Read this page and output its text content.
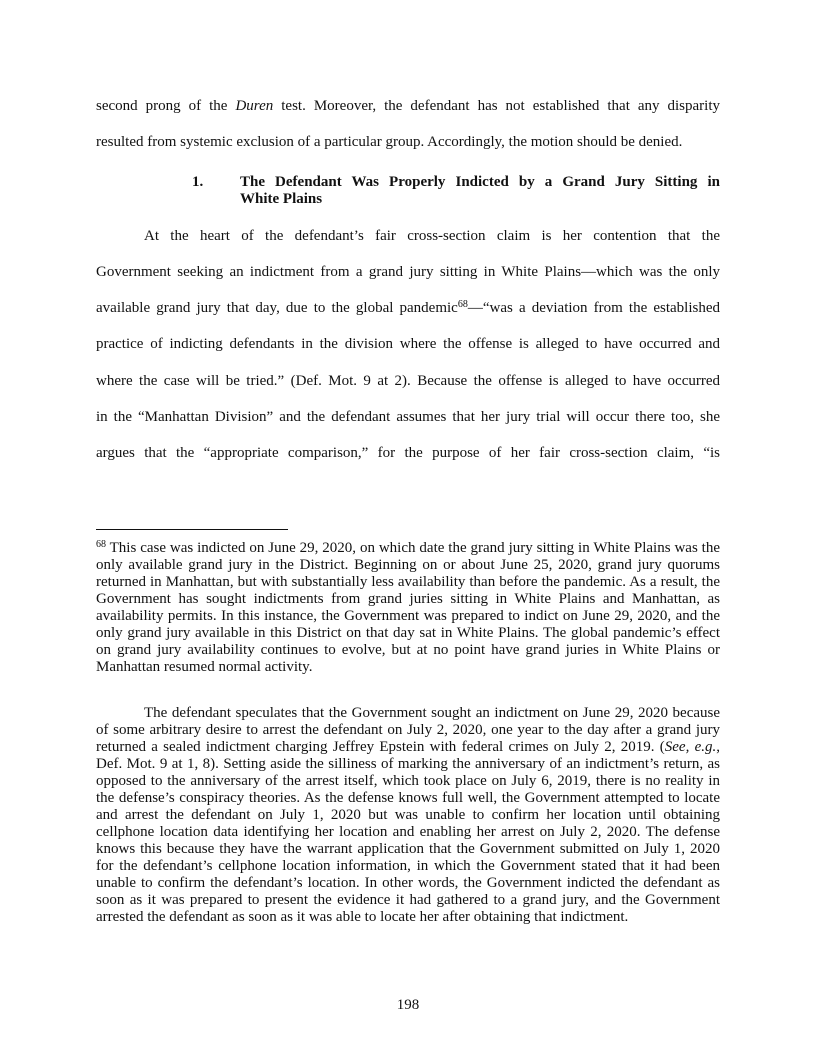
second prong of the Duren test. Moreover, the defendant has not established that any disparity
resulted from systemic exclusion of a particular group. Accordingly, the motion should be denied.
1. The Defendant Was Properly Indicted by a Grand Jury Sitting in
White Plains
At the heart of the defendant’s fair cross-section claim is her contention that the
Government seeking an indictment from a grand jury sitting in White Plains—which was the only
available grand jury that day, due to the global pandemic$^{68}$—“was a deviation from the established
practice of indicting defendants in the division where the offense is alleged to have occurred and
where the case will be tried.” (Def. Mot. 9 at 2). Because the offense is alleged to have occurred
in the “Manhattan Division” and the defendant assumes that her jury trial will occur there too, she
argues that the “appropriate comparison,” for the purpose of her fair cross-section claim, “is
$^{68}$ This case was indicted on June 29, 2020, on which date the grand jury sitting in White Plains was the only available grand jury in the District. Beginning on or about June 25, 2020, grand jury quorums returned in Manhattan, but with substantially less availability than before the pandemic. As a result, the Government has sought indictments from grand juries sitting in White Plains and Manhattan, as availability permits. In this instance, the Government was prepared to indict on June 29, 2020, and the only grand jury available in this District on that day sat in White Plains. The global pandemic’s effect on grand jury availability continues to evolve, but at no point have grand juries in White Plains or Manhattan resumed normal activity.
The defendant speculates that the Government sought an indictment on June 29, 2020 because of some arbitrary desire to arrest the defendant on July 2, 2020, one year to the day after a grand jury returned a sealed indictment charging Jeffrey Epstein with federal crimes on July 2, 2019. (See, e.g., Def. Mot. 9 at 1, 8). Setting aside the silliness of marking the anniversary of an indictment’s return, as opposed to the anniversary of the arrest itself, which took place on July 6, 2019, there is no reality in the defense’s conspiracy theories. As the defense knows full well, the Government attempted to locate and arrest the defendant on July 1, 2020 but was unable to confirm her location until obtaining cellphone location data identifying her location and enabling her arrest on July 2, 2020. The defense knows this because they have the warrant application that the Government submitted on July 1, 2020 for the defendant’s cellphone location information, in which the Government stated that it had been unable to confirm the defendant’s location. In other words, the Government indicted the defendant as soon as it was prepared to present the evidence it had gathered to a grand jury, and the Government arrested the defendant as soon as it was able to locate her after obtaining that indictment.
198
